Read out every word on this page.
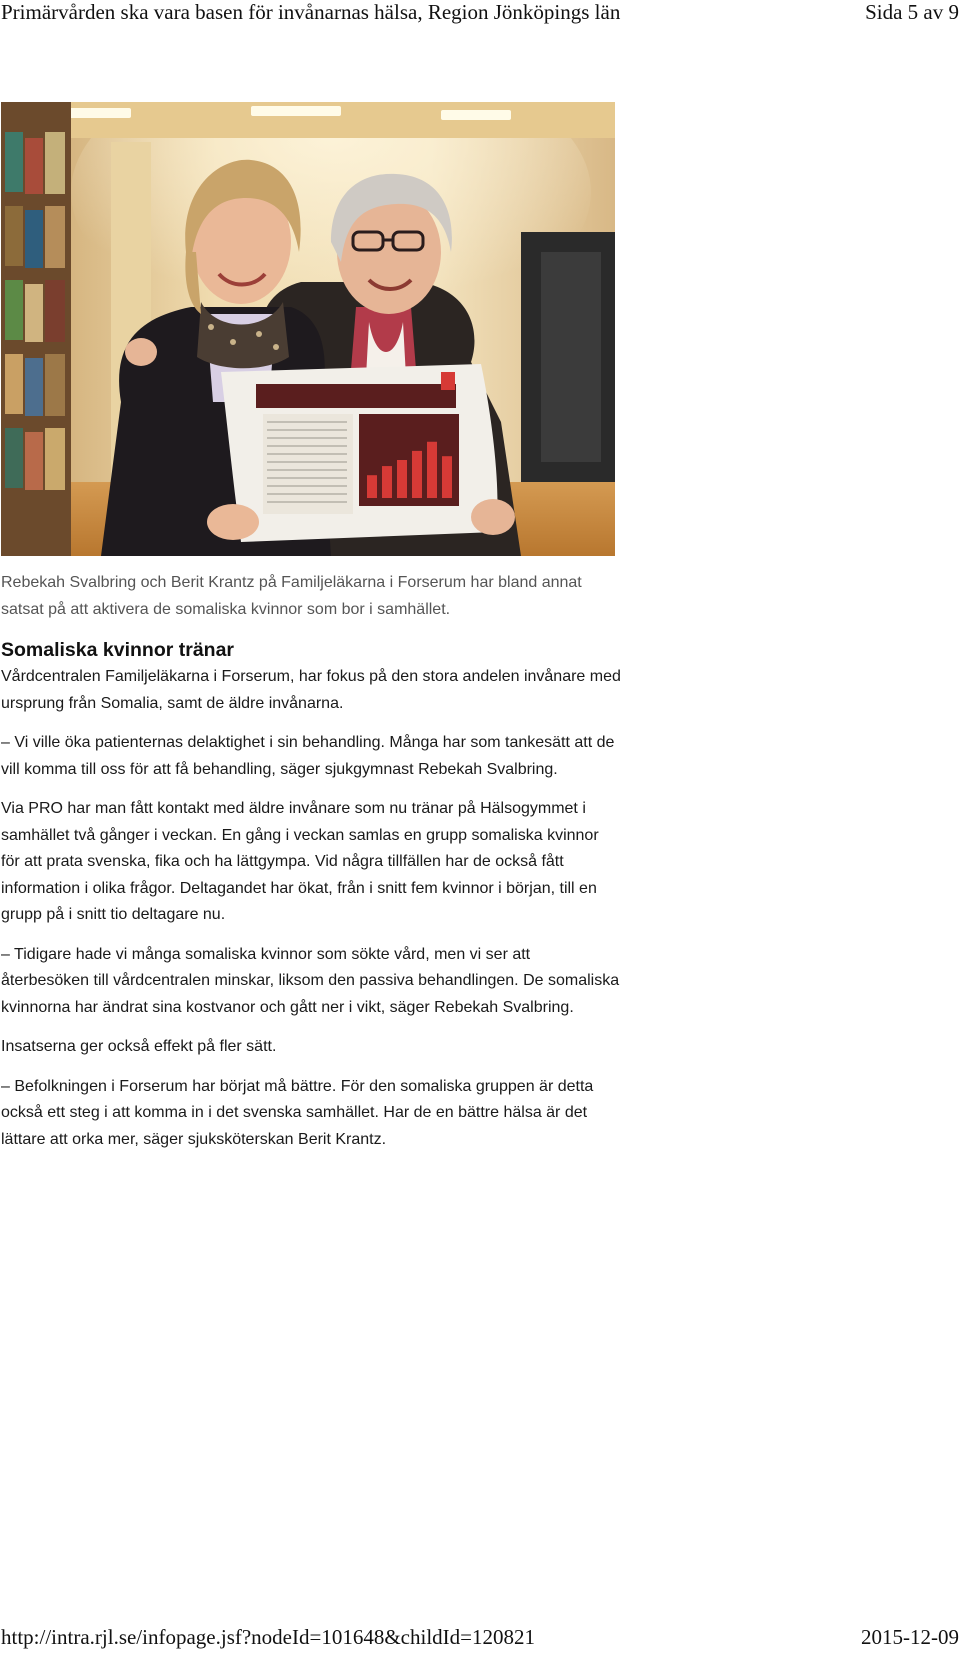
Primärvården ska vara basen för invånarnas hälsa, Region Jönköpings län	Sida 5 av 9

Rebekah Svalbring och Berit Krantz på Familjeläkarna i Forserum har bland annat satsat på att aktivera de somaliska kvinnor som bor i samhället.

Somaliska kvinnor tränar

Vårdcentralen Familjeläkarna i Forserum, har fokus på den stora andelen invånare med ursprung från Somalia, samt de äldre invånarna.

– Vi ville öka patienternas delaktighet i sin behandling. Många har som tankesätt att de vill komma till oss för att få behandling, säger sjukgymnast Rebekah Svalbring.

Via PRO har man fått kontakt med äldre invånare som nu tränar på Hälsogymmet i samhället två gånger i veckan. En gång i veckan samlas en grupp somaliska kvinnor för att prata svenska, fika och ha lättgympa. Vid några tillfällen har de också fått information i olika frågor. Deltagandet har ökat, från i snitt fem kvinnor i början, till en grupp på i snitt tio deltagare nu.

– Tidigare hade vi många somaliska kvinnor som sökte vård, men vi ser att återbesöken till vårdcentralen minskar, liksom den passiva behandlingen. De somaliska kvinnorna har ändrat sina kostvanor och gått ner i vikt, säger Rebekah Svalbring.

Insatserna ger också effekt på fler sätt.

– Befolkningen i Forserum har börjat må bättre. För den somaliska gruppen är detta också ett steg i att komma in i det svenska samhället. Har de en bättre hälsa är det lättare att orka mer, säger sjuksköterskan Berit Krantz.

http://intra.rjl.se/infopage.jsf?nodeId=101648&childId=120821	2015-12-09
